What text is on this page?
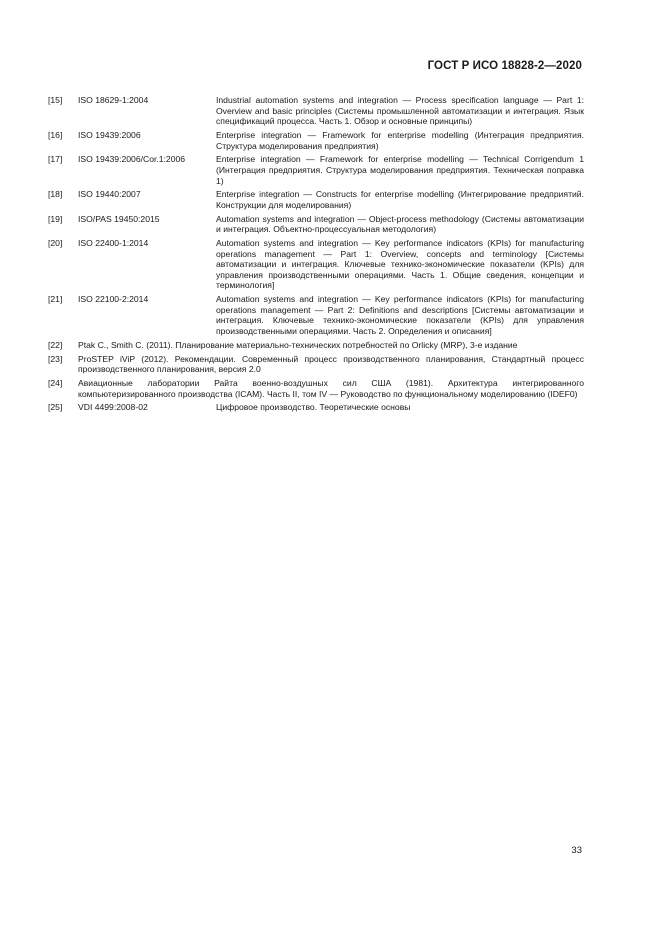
ГОСТ Р ИСО 18828-2—2020
[15]	ISO 18629-1:2004	Industrial automation systems and integration — Process specification language — Part 1: Overview and basic principles (Системы промышленной автоматизации и интеграция. Язык спецификаций процесса. Часть 1. Обзор и основные принципы)
[16]	ISO 19439:2006	Enterprise integration — Framework for enterprise modelling (Интеграция предприятия. Структура моделирования предприятия)
[17]	ISO 19439:2006/Cor.1:2006	Enterprise integration — Framework for enterprise modelling — Technical Corrigendum 1 (Интеграция предприятия. Структура моделирования предприятия. Техническая поправка 1)
[18]	ISO 19440:2007	Enterprise integration — Constructs for enterprise modelling (Интегрирование предприятий. Конструкции для моделирования)
[19]	ISO/PAS 19450:2015	Automation systems and integration — Object-process methodology (Системы автоматизации и интеграция. Объектно-процессуальная методология)
[20]	ISO 22400-1:2014	Automation systems and integration — Key performance indicators (KPIs) for manufacturing operations management — Part 1: Overview, concepts and terminology [Системы автоматизации и интеграция. Ключевые технико-экономические показатели (KPIs) для управления производственными операциями. Часть 1. Общие сведения, концепции и терминология]
[21]	ISO 22100-2:2014	Automation systems and integration — Key performance indicators (KPIs) for manufacturing operations management — Part 2: Definitions and descriptions [Системы автоматизации и интеграция. Ключевые технико-экономические показатели (KPIs) для управления производственными операциями. Часть 2. Определения и описания]
[22]	Ptak C., Smith C. (2011). Планирование материально-технических потребностей по Orlicky (MRP), 3-е издание
[23]	ProSTEP iViP (2012). Рекомендации. Современный процесс производственного планирования, Стандартный процесс производственного планирования, версия 2.0
[24]	Авиационные лаборатории Райта военно-воздушных сил США (1981). Архитектура интегрированного компьютеризированного производства (ICAM). Часть II, том IV — Руководство по функциональному моделированию (IDEF0)
[25]	VDI 4499:2008-02	Цифровое производство. Теоретические основы
33
